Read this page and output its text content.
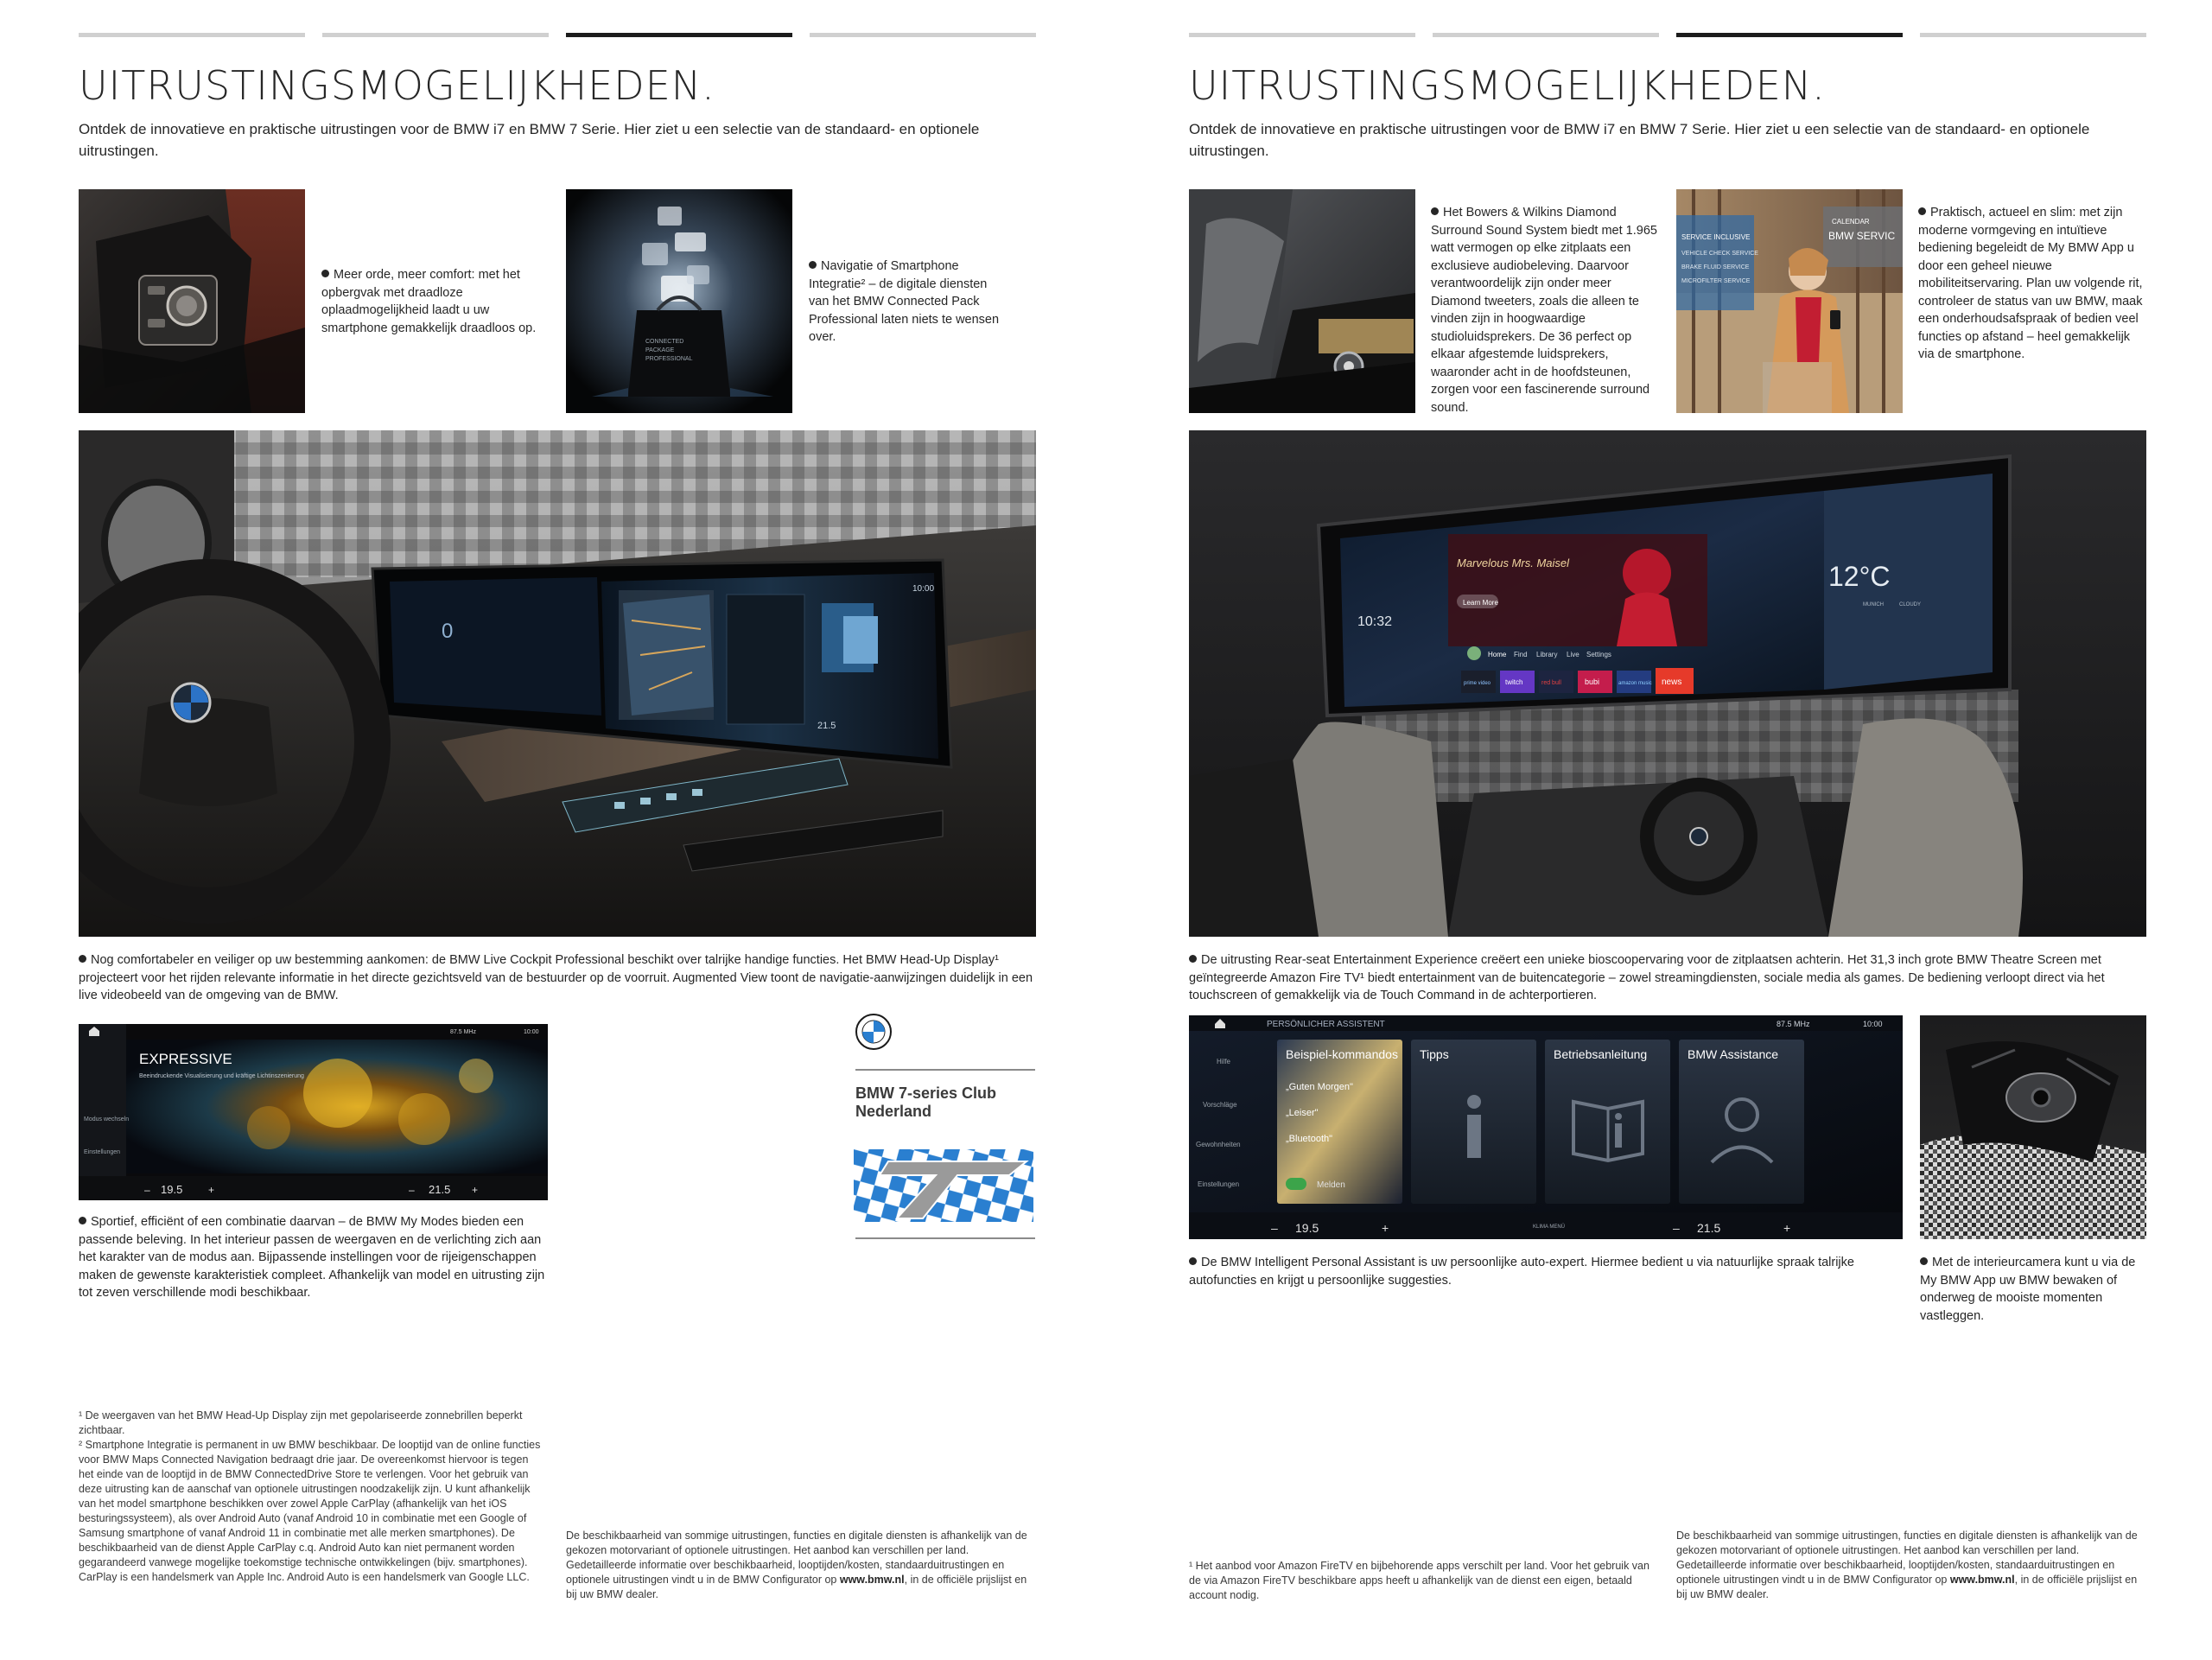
UITRUSTINGSMOGELIJKHEDEN.

Ontdek de innovatieve en praktische uitrustingen voor de BMW i7 en BMW 7 Serie. Hier ziet u een selectie van de standaard- en optionele uitrustingen.

Meer orde, meer comfort: met het opbergvak met draadloze oplaadmogelijkheid laadt u uw smartphone gemakkelijk draadloos op.

CONNECTED
PACKAGE
PROFESSIONAL

Navigatie of Smartphone Integratie² – de digitale diensten van het BMW Connected Pack Professional laten niets te wensen over.

0
10:00
21.5

Nog comfortabeler en veiliger op uw bestemming aankomen: de BMW Live Cockpit Professional beschikt over talrijke handige functies. Het BMW Head-Up Display¹ projecteert voor het rijden relevante informatie in het directe gezichtsveld van de bestuurder op de voorruit. Augmented View toont de navigatie-aanwijzingen duidelijk in een live videobeeld van de omgeving van de BMW.

EXPRESSIVE
Beeindruckende Visualisierung und kräftige Lichtinszenierung
Modus wechseln
Einstellungen
87.5 MHz	10:00
19.5	21.5
–	+	–	+

Sportief, efficiënt of een combinatie daarvan – de BMW My Modes bieden een passende beleving. In het interieur passen de weergaven en de verlichting zich aan het karakter van de modus aan. Bijpassende instellingen voor de rijeigenschappen maken de gewenste karakteristiek compleet. Afhankelijk van model en uitrusting zijn tot zeven verschillende modi beschikbaar.

BMW 7-series Club
Nederland

¹ De weergaven van het BMW Head-Up Display zijn met gepolariseerde zonnebrillen beperkt zichtbaar.

² Smartphone Integratie is permanent in uw BMW beschikbaar. De looptijd van de online functies voor BMW Maps Connected Navigation bedraagt drie jaar. De overeenkomst hiervoor is tegen het einde van de looptijd in de BMW ConnectedDrive Store te verlengen. Voor het gebruik van deze uitrusting kan de aanschaf van optionele uitrustingen noodzakelijk zijn. U kunt afhankelijk van het model smartphone beschikken over zowel Apple CarPlay (afhankelijk van het iOS besturingssysteem), als over Android Auto (vanaf Android 10 in combinatie met een Google of Samsung smartphone of vanaf Android 11 in combinatie met alle merken smartphones). De beschikbaarheid van de dienst Apple CarPlay c.q. Android Auto kan niet permanent worden gegarandeerd vanwege mogelijke toekomstige technische ontwikkelingen (bijv. smartphones). CarPlay is een handelsmerk van Apple Inc. Android Auto is een handelsmerk van Google LLC.

De beschikbaarheid van sommige uitrustingen, functies en digitale diensten is afhankelijk van de gekozen motorvariant of optionele uitrustingen. Het aanbod kan verschillen per land. Gedetailleerde informatie over beschikbaarheid, looptijden/kosten, standaarduitrustingen en optionele uitrustingen vindt u in de BMW Configurator op www.bmw.nl, in de officiële prijslijst en bij uw BMW dealer.

UITRUSTINGSMOGELIJKHEDEN.

Ontdek de innovatieve en praktische uitrustingen voor de BMW i7 en BMW 7 Serie. Hier ziet u een selectie van de standaard- en optionele uitrustingen.

Het Bowers & Wilkins Diamond Surround Sound System biedt met 1.965 watt vermogen op elke zitplaats een exclusieve audiobeleving. Daarvoor verantwoordelijk zijn onder meer Diamond tweeters, zoals die alleen te vinden zijn in hoogwaardige studioluidsprekers. De 36 perfect op elkaar afgestemde luidsprekers, waaronder acht in de hoofdsteunen, zorgen voor een fascinerende surround sound.

SERVICE INCLUSIVE
VEHICLE CHECK SERVICE
BRAKE FLUID SERVICE
MICROFILTER SERVICE
CALENDAR
BMW SERVIC

Praktisch, actueel en slim: met zijn moderne vormgeving en intuïtieve bediening begeleidt de My BMW App u door een geheel nieuwe mobiliteitservaring. Plan uw volgende rit, controleer de status van uw BMW, maak een onderhoudsafspraak of bedien veel functies op afstand – heel gemakkelijk via de smartphone.

Marvelous Mrs. Maisel
Learn More
Home Find Library Live Settings
prime video twitch	red bull	bubi	amazon music news
10:32
12°C
MUNICH	CLOUDY

De uitrusting Rear-seat Entertainment Experience creëert een unieke bioscoopervaring voor de zitplaatsen achterin. Het 31,3 inch grote BMW Theatre Screen met geïntegreerde Amazon Fire TV¹ biedt entertainment van de buitencategorie – zowel streamingdiensten, sociale media als games. De bediening verloopt direct via het touchscreen of gemakkelijk via de Touch Command in de achterportieren.

PERSÖNLICHER ASSISTENT	87.5 MHz	10:00
Hilfe
Vorschläge
Gewohnheiten
Einstellungen
Beispiel-kommandos
„Guten Morgen"
„Leiser"
„Bluetooth"
Melden
Tipps	Betriebsanleitung	BMW Assistance
19.5	21.5
KLIMA MENÜ
–	+	–	+

De BMW Intelligent Personal Assistant is uw persoonlijke auto-expert. Hiermee bedient u via natuurlijke spraak talrijke autofuncties en krijgt u persoonlijke suggesties.

Met de interieurcamera kunt u via de My BMW App uw BMW bewaken of onderweg de mooiste momenten vastleggen.

¹ Het aanbod voor Amazon FireTV en bijbehorende apps verschilt per land. Voor het gebruik van de via Amazon FireTV beschikbare apps heeft u afhankelijk van de dienst een eigen, betaald account nodig.

De beschikbaarheid van sommige uitrustingen, functies en digitale diensten is afhankelijk van de gekozen motorvariant of optionele uitrustingen. Het aanbod kan verschillen per land. Gedetailleerde informatie over beschikbaarheid, looptijden/kosten, standaarduitrustingen en optionele uitrustingen vindt u in de BMW Configurator op www.bmw.nl, in de officiële prijslijst en bij uw BMW dealer.
